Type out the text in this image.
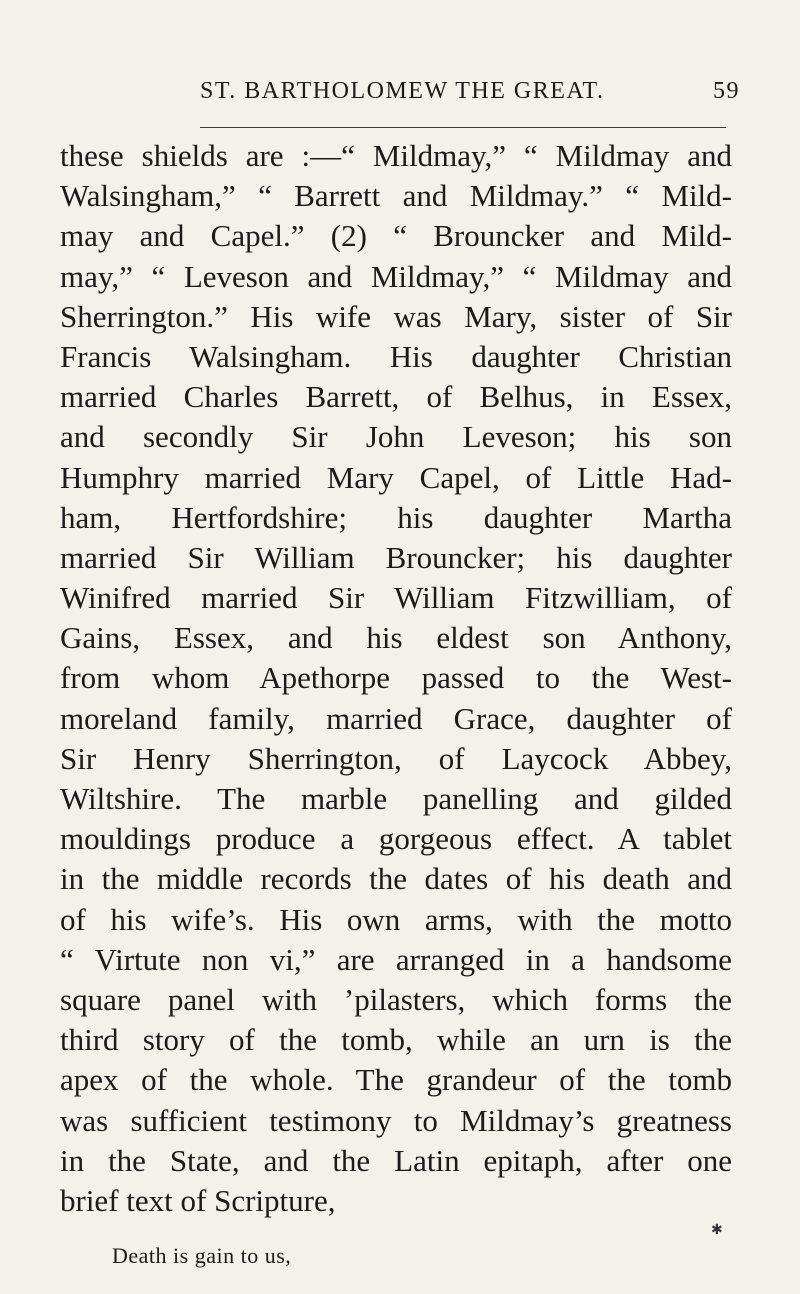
ST. BARTHOLOMEW THE GREAT.	59
these shields are :—“ Mildmay,” “ Mildmay and
Walsingham,” “ Barrett and Mildmay.” “ Mild-
may and Capel.” (2) “ Brouncker and Mild-
may,” “ Leveson and Mildmay,” “ Mildmay and
Sherrington.” His wife was Mary, sister of Sir
Francis Walsingham. His daughter Christian
married Charles Barrett, of Belhus, in Essex,
and secondly Sir John Leveson; his son
Humphry married Mary Capel, of Little Had-
ham, Hertfordshire; his daughter Martha
married Sir William Brouncker; his daughter
Winifred married Sir William Fitzwilliam, of
Gains, Essex, and his eldest son Anthony,
from whom Apethorpe passed to the West-
moreland family, married Grace, daughter of
Sir Henry Sherrington, of Laycock Abbey,
Wiltshire. The marble panelling and gilded
mouldings produce a gorgeous effect. A tablet
in the middle records the dates of his death and
of his wife’s. His own arms, with the motto
“ Virtute non vi,” are arranged in a handsome
square panel with ’pilasters, which forms the
third story of the tomb, while an urn is the
apex of the whole. The grandeur of the tomb
was sufficient testimony to Mildmay’s greatness
in the State, and the Latin epitaph, after one
brief text of Scripture,
✱
Death is gain to us,
